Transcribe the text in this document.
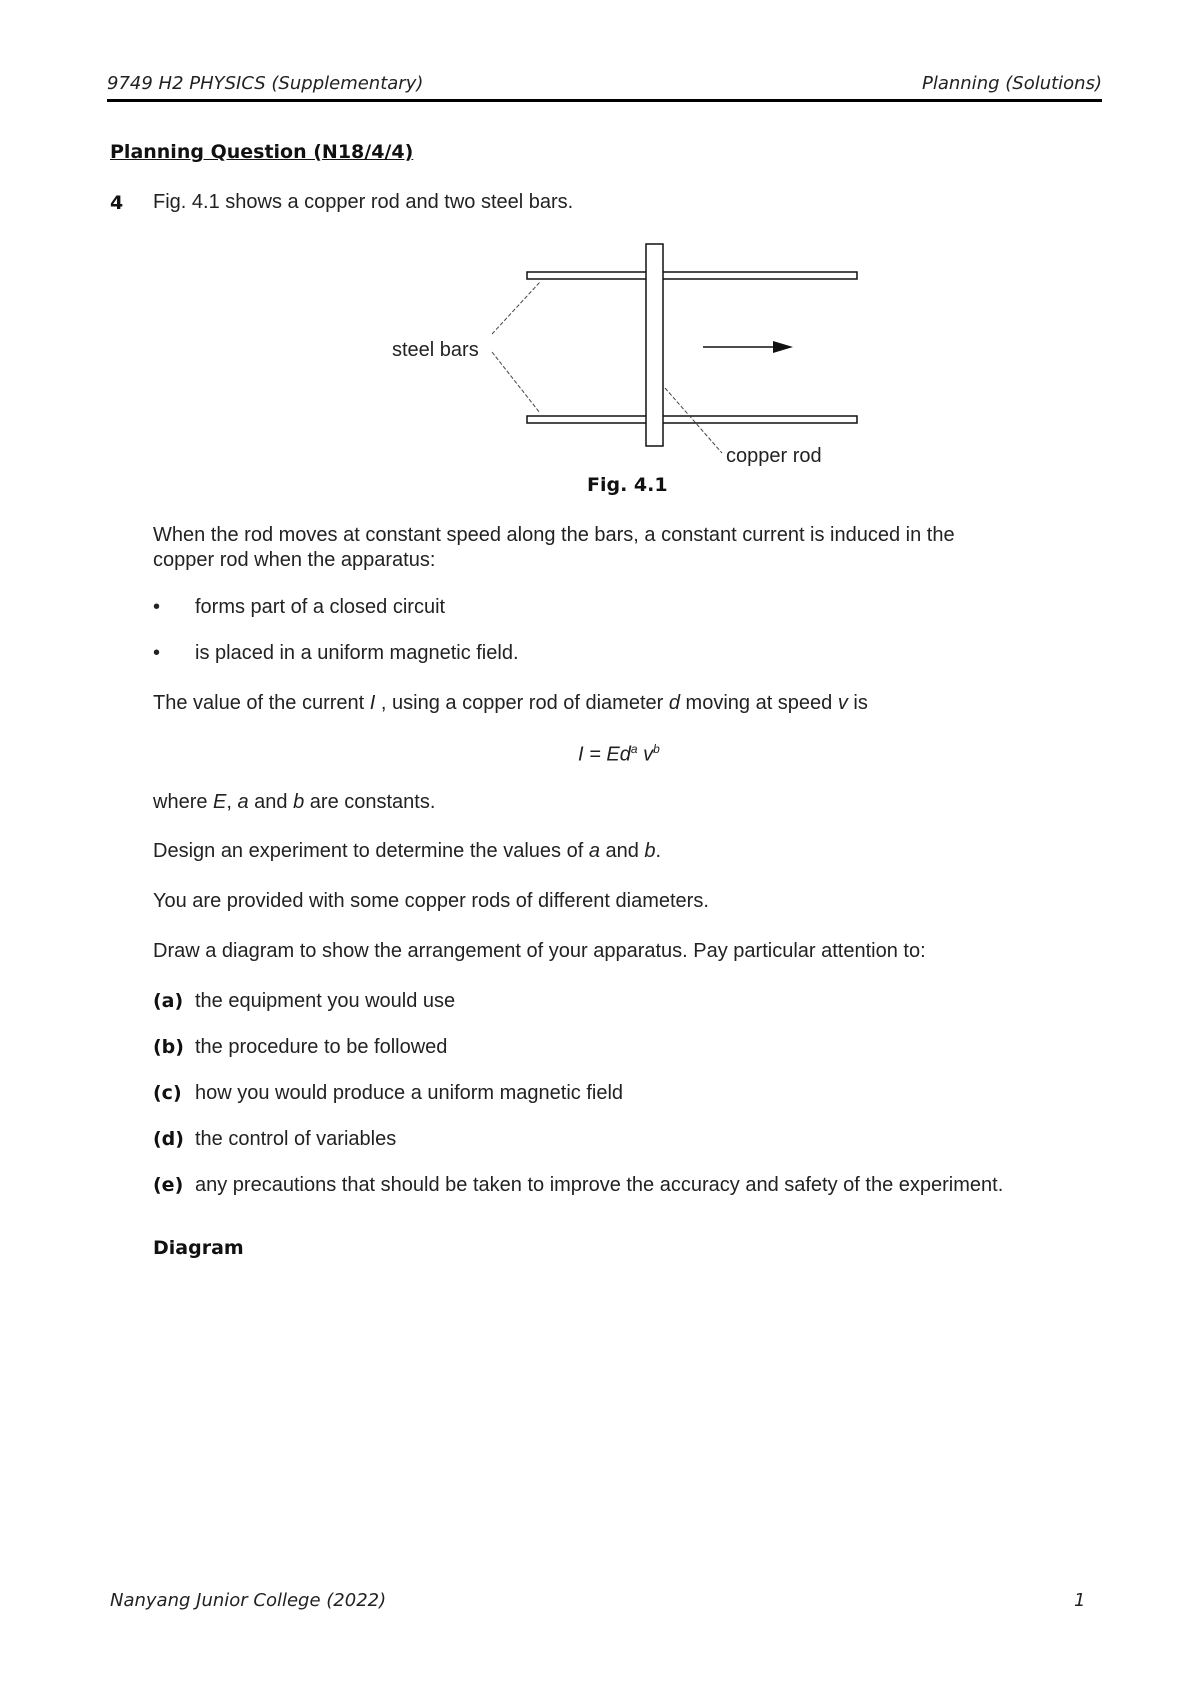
9749 H2 PHYSICS (Supplementary)	Planning (Solutions)
Planning Question (N18/4/4)
4 Fig. 4.1 shows a copper rod and two steel bars.
steel bars
copper rod
Fig. 4.1
When the rod moves at constant speed along the bars, a constant current is induced in the
copper rod when the apparatus:
• forms part of a closed circuit
• is placed in a uniform magnetic field.
The value of the current I , using a copper rod of diameter d moving at speed v is
$I = Ed^a$ $v^b$
where E, a and b are constants.
Design an experiment to determine the values of a and b.
You are provided with some copper rods of different diameters.
Draw a diagram to show the arrangement of your apparatus. Pay particular attention to:
(a) the equipment you would use
(b) the procedure to be followed
(c) how you would produce a uniform magnetic field
(d) the control of variables
(e) any precautions that should be taken to improve the accuracy and safety of the experiment.
Diagram
Nanyang Junior College (2022)	1
